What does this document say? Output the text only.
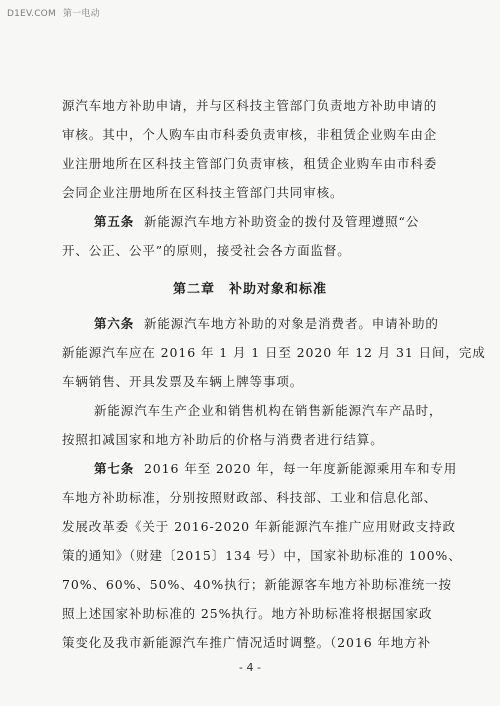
D1EV.COM 第一电动
源汽车地方补助申请，并与区科技主管部门负责地方补助申请的
审核。其中，个人购车由市科委负责审核，非租赁企业购车由企
业注册地所在区科技主管部门负责审核，租赁企业购车由市科委
会同企业注册地所在区科技主管部门共同审核。
第五条 新能源汽车地方补助资金的拨付及管理遵照“公
开、公正、公平”的原则，接受社会各方面监督。
第二章　补助对象和标准
第六条 新能源汽车地方补助的对象是消费者。申请补助的
新能源汽车应在 2016 年 1 月 1 日至 2020 年 12 月 31 日间，完成
车辆销售、开具发票及车辆上牌等事项。
新能源汽车生产企业和销售机构在销售新能源汽车产品时，
按照扣减国家和地方补助后的价格与消费者进行结算。
第七条 2016 年至 2020 年，每一年度新能源乘用车和专用
车地方补助标准，分别按照财政部、科技部、工业和信息化部、
发展改革委《关于 2016-2020 年新能源汽车推广应用财政支持政
策的通知》（财建〔2015〕134 号）中，国家补助标准的 100%、
70%、60%、50%、40%执行；新能源客车地方补助标准统一按
照上述国家补助标准的 25%执行。地方补助标准将根据国家政
策变化及我市新能源汽车推广情况适时调整。（2016 年地方补
- 4 -
